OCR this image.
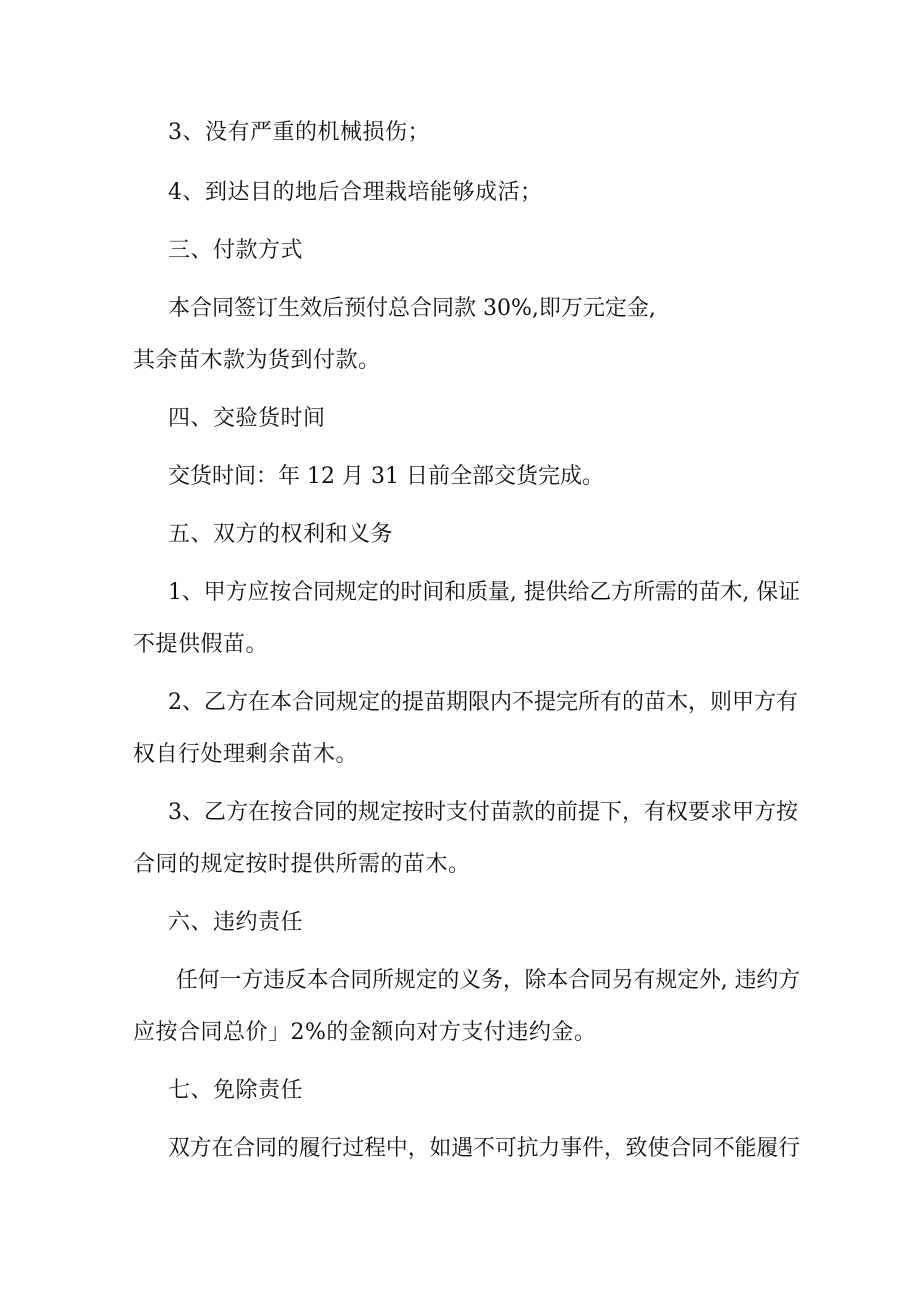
3、没有严重的机械损伤；
4、到达目的地后合理栽培能够成活；
三、付款方式
本合同签订生效后预付总合同款 30%,即万元定金,
其余苗木款为货到付款。
四、交验货时间
交货时间：年 12 月 31 日前全部交货完成。
五、双方的权利和义务
1、甲方应按合同规定的时间和质量, 提供给乙方所需的苗木, 保证
不提供假苗。
2、乙方在本合同规定的提苗期限内不提完所有的苗木，则甲方有
权自行处理剩余苗木。
3、乙方在按合同的规定按时支付苗款的前提下，有权要求甲方按
合同的规定按时提供所需的苗木。
六、违约责任
任何一方违反本合同所规定的义务，除本合同另有规定外, 违约方
应按合同总价」2%的金额向对方支付违约金。
七、免除责任
双方在合同的履行过程中，如遇不可抗力事件，致使合同不能履行
